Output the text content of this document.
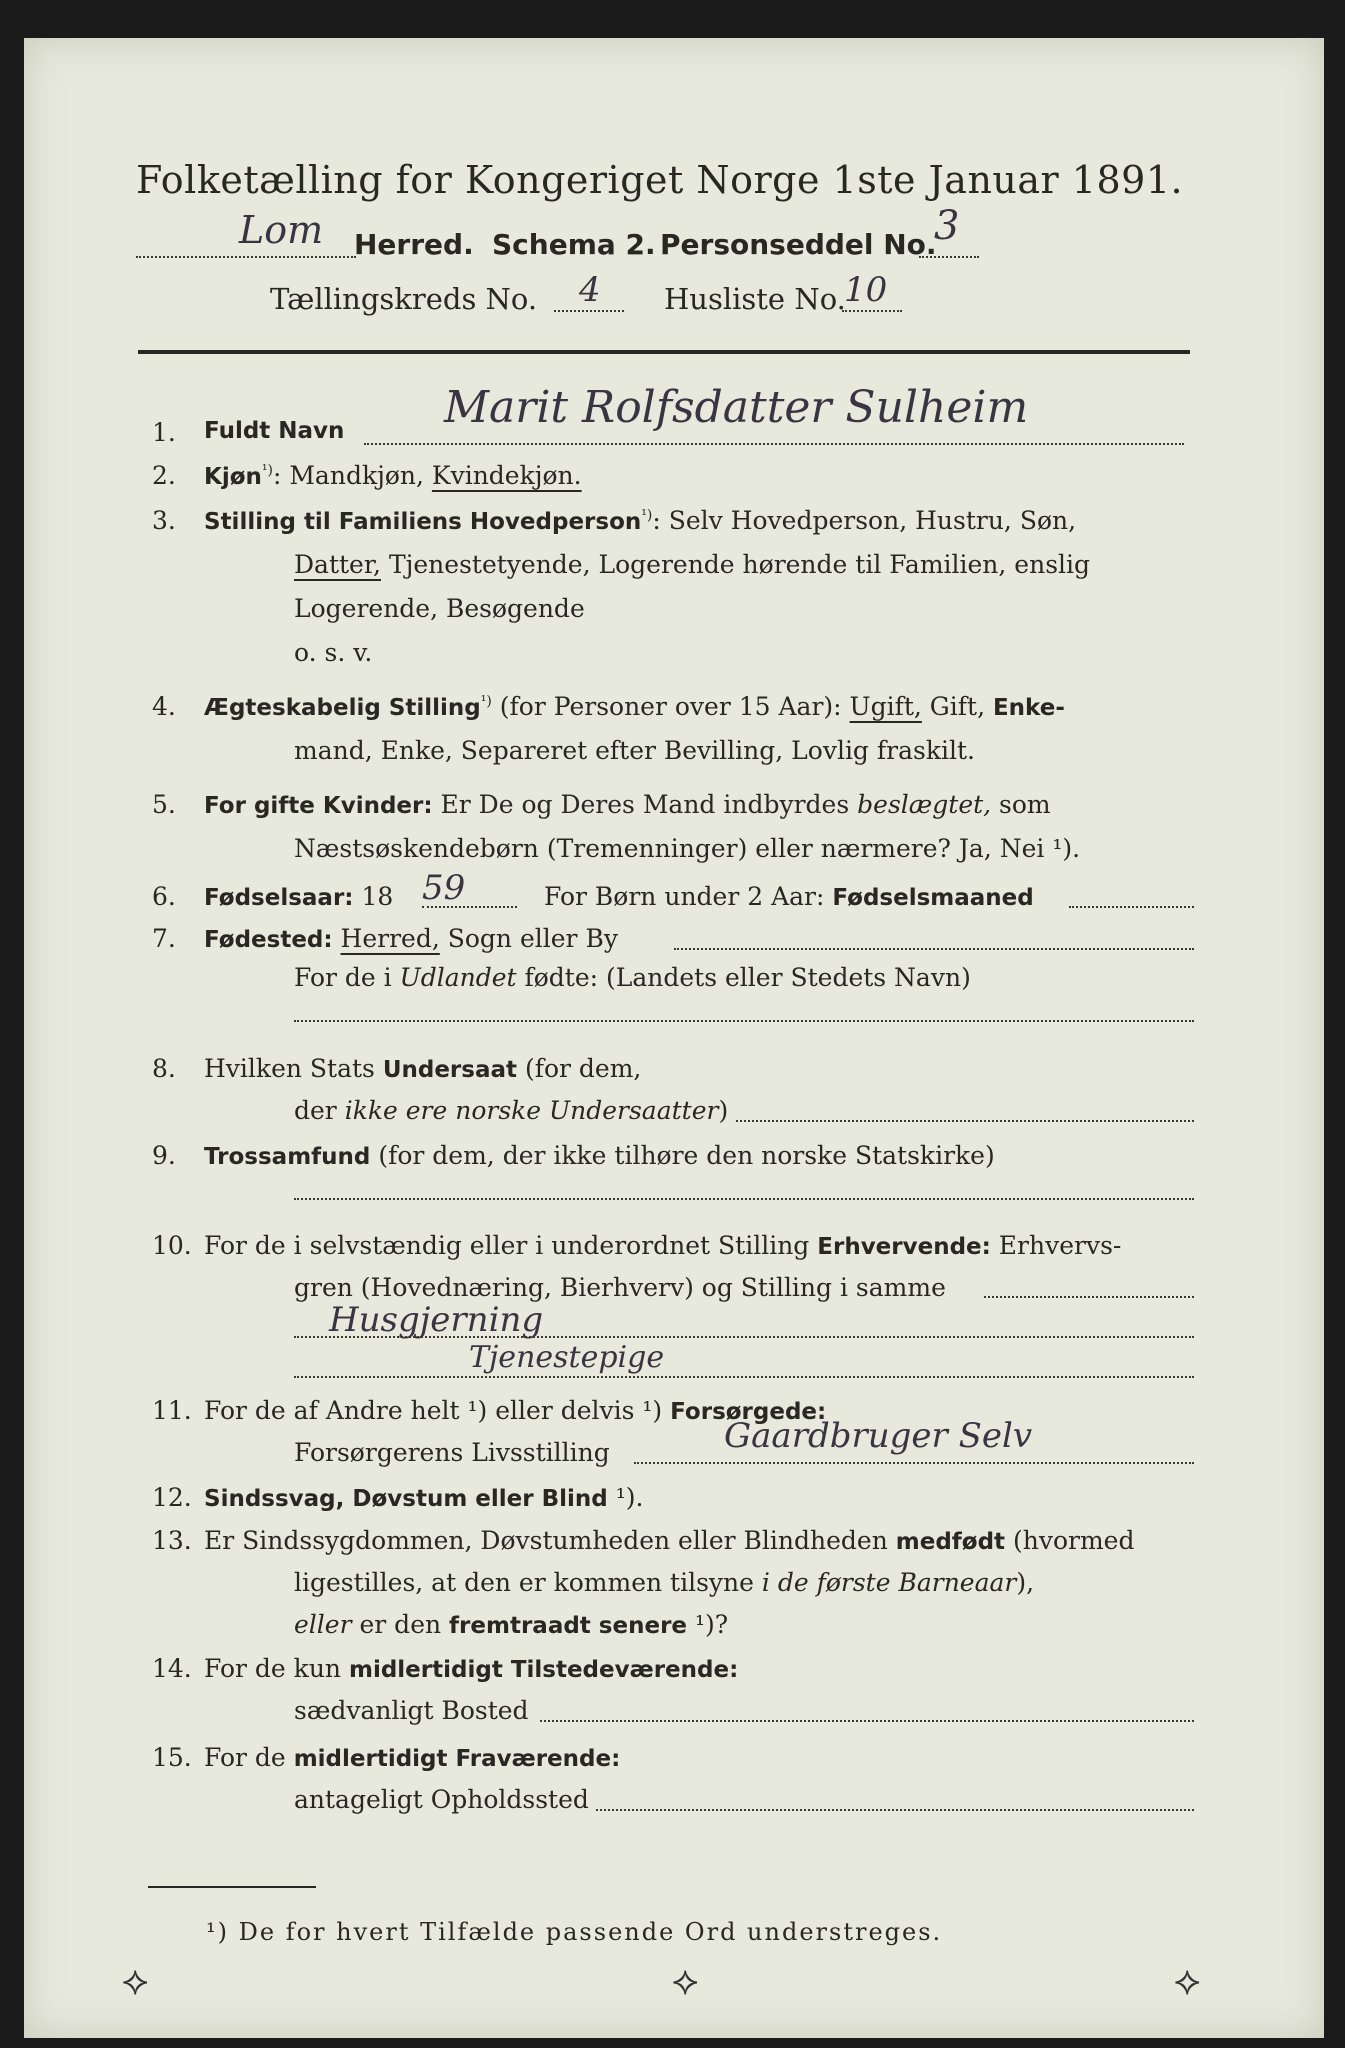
Folketælling for Kongeriget Norge 1ste Januar 1891.
Lom Herred. Schema 2. Personseddel No.
3
Tællingskreds No. 4 Husliste No.
10
1. Fuldt Navn Marit Rolfsdatter Sulheim
2. Kjøn$^{^1)}$: Mandkjøn, Kvindekjøn.
3. Stilling til Familiens Hovedperson$^{^1)}$: Selv Hovedperson, Hustru, Søn,
Datter, Tjenestetyende, Logerende hørende til Familien, enslig
Logerende, Besøgende
o. s. v.
4. Ægteskabelig Stilling$^{^1)}$ (for Personer over 15 Aar): Ugift, Gift, Enke-
mand, Enke, Separeret efter Bevilling, Lovlig fraskilt.
5. For gifte Kvinder: Er De og Deres Mand indbyrdes beslægtet, som
Næstsøskendebørn (Tremenninger) eller nærmere? Ja, Nei ¹).
6. Fødselsaar: 18 59	For Børn under 2 Aar: Fødselsmaaned
7. Fødested: Herred, Sogn eller By
For de i Udlandet fødte: (Landets eller Stedets Navn)
8. Hvilken Stats Undersaat (for dem,
der ikke ere norske Undersaatter)
9. Trossamfund (for dem, der ikke tilhøre den norske Statskirke)
10. For de i selvstændig eller i underordnet Stilling Erhvervende: Erhvervs-
gren (Hovednæring, Bierhverv) og Stilling i samme
Husgjerning
Tjenestepige
11. For de af Andre helt ¹) eller delvis ¹) Forsørgede:
Forsørgerens Livsstilling	Gaardbruger Selv
12. Sindssvag, Døvstum eller Blind ¹).
13. Er Sindssygdommen, Døvstumheden eller Blindheden medfødt (hvormed
ligestilles, at den er kommen tilsyne i de første Barneaar),
eller er den fremtraadt senere ¹)?
14. For de kun midlertidigt Tilstedeværende:
sædvanligt Bosted
15. For de midlertidigt Fraværende:
antageligt Opholdssted
¹) De for hvert Tilfælde passende Ord understreges.
⟡	⟡	⟡
